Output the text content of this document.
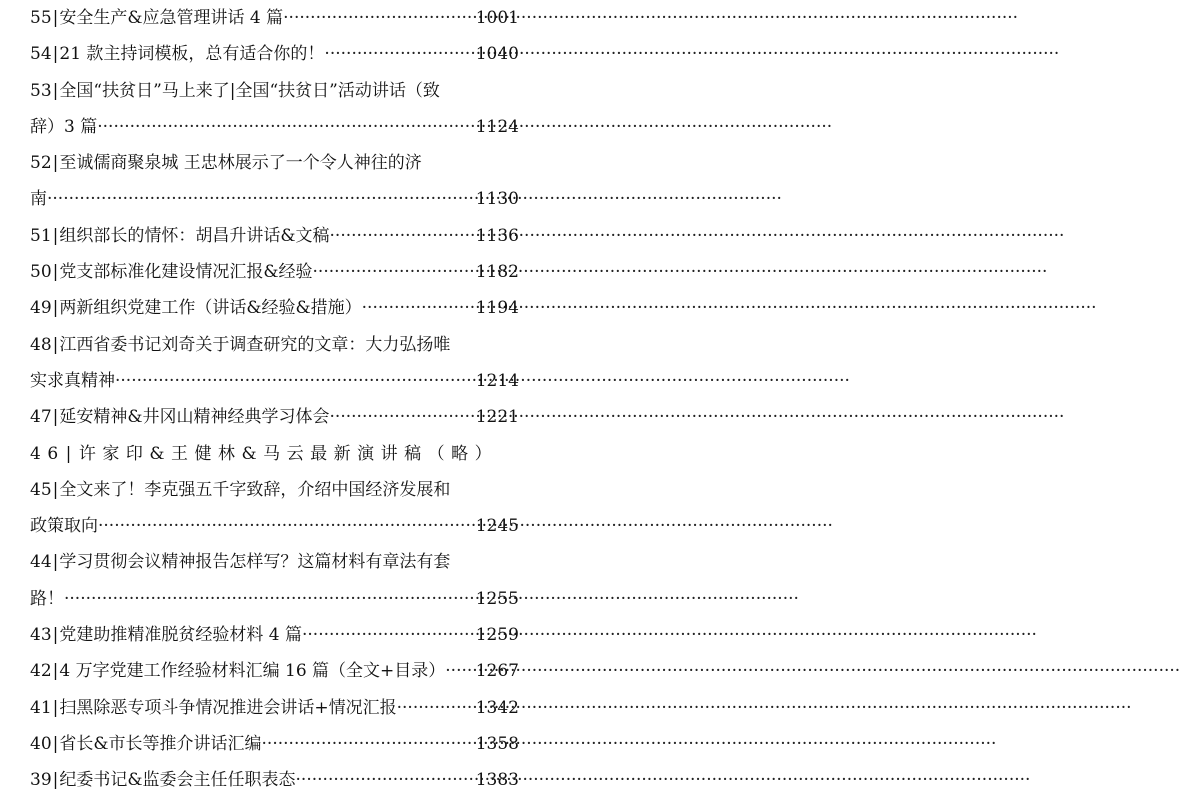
55 | 安全生产&应急管理讲话 4 篇 ·····	1001
54 | 21 款主持词模板，总有适合你的！ ·····	1040
53 | 全国“扶贫日”马上来了|全国“扶贫日”活动讲话（致
辞）3 篇 ·····	1124
52 | 至诚儒商聚泉城 王忠林展示了一个令人神往的济
南 ·····	1130
51 | 组织部长的情怀：胡昌升讲话&文稿 ·····	1136
50 | 党支部标准化建设情况汇报&经验 ·····	1182
49 | 两新组织党建工作（讲话&经验&措施） ·····	1194
48 | 江西省委书记刘奇关于调查研究的文章：大力弘扬唯
实求真精神 ·····	1214
47 | 延安精神&井冈山精神经典学习体会 ·····	1221
46 | 许家印&王健林&马云最新演讲稿（略）
45 | 全文来了！李克强五千字致辞，介绍中国经济发展和
政策取向 ·····	1245
44 | 学习贯彻会议精神报告怎样写？这篇材料有章法有套
路！ ·····	1255
43 | 党建助推精准脱贫经验材料 4 篇 ·····	1259
42 | 4 万字党建工作经验材料汇编 16 篇（全文+目录） ····· 1267
41 | 扫黑除恶专项斗争情况推进会讲话+情况汇报 ·····	1342
40 | 省长&市长等推介讲话汇编 ·····	1358
39 | 纪委书记&监委会主任任职表态 ·····	1383
